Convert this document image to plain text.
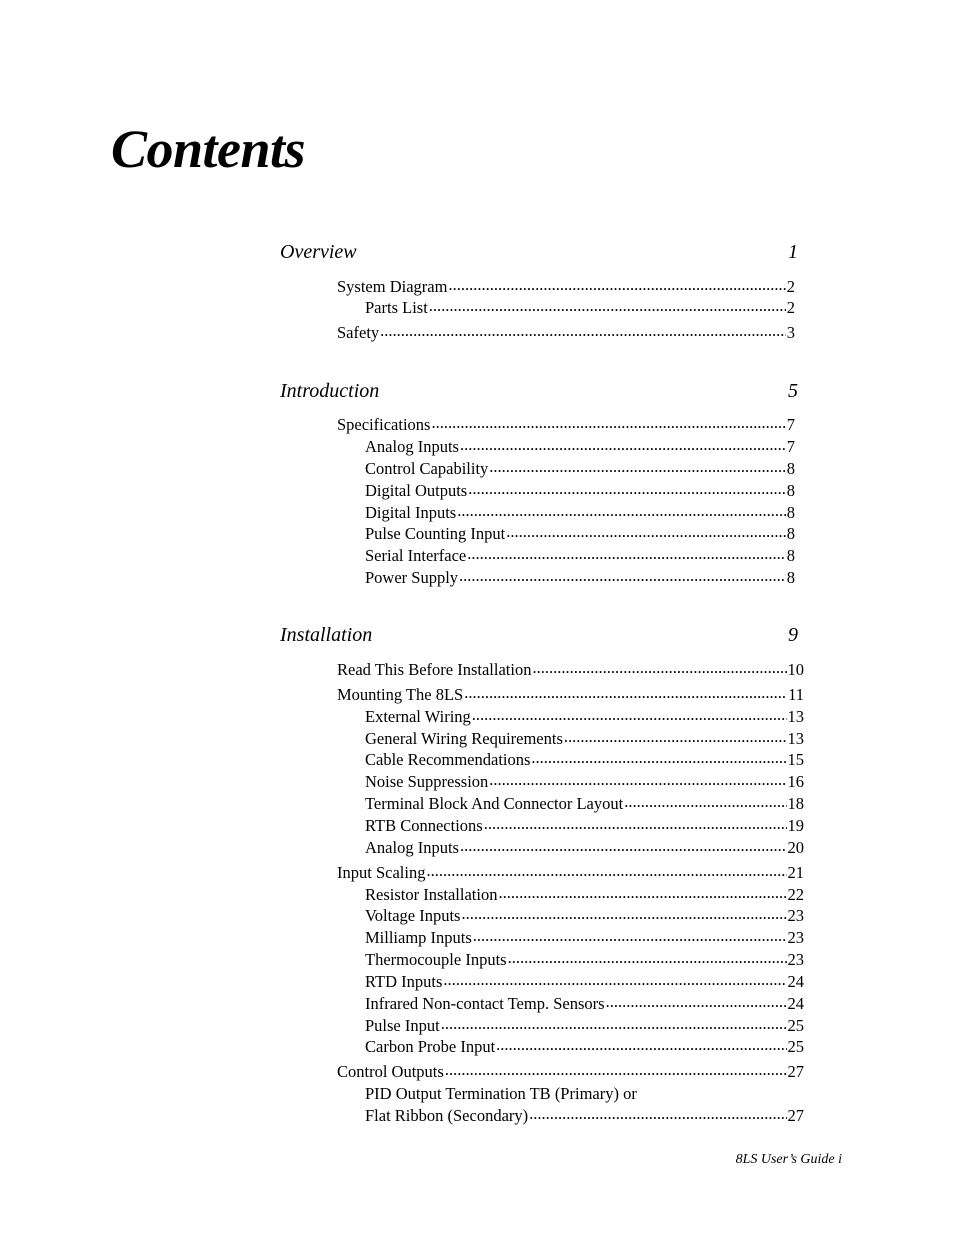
Contents
Overview	1
System Diagram .....	2
Parts List .....	2
Safety .....	3
Introduction	5
Specifications .....	7
Analog Inputs .....	7
Control Capability .....	8
Digital Outputs .....	8
Digital Inputs .....	8
Pulse Counting Input .....	8
Serial Interface .....	8
Power Supply .....	8
Installation	9
Read This Before Installation .....	10
Mounting The 8LS .....	11
External Wiring .....	13
General Wiring Requirements .....	13
Cable Recommendations .....	15
Noise Suppression .....	16
Terminal Block And Connector Layout .....	18
RTB Connections .....	19
Analog Inputs .....	20
Input Scaling .....	21
Resistor Installation .....	22
Voltage Inputs .....	23
Milliamp Inputs .....	23
Thermocouple Inputs .....	23
RTD Inputs .....	24
Infrared Non-contact Temp. Sensors .....	24
Pulse Input .....	25
Carbon Probe Input .....	25
Control Outputs .....	27
PID Output Termination TB (Primary) or
Flat Ribbon (Secondary) .....	27
8LS User’s Guide i
